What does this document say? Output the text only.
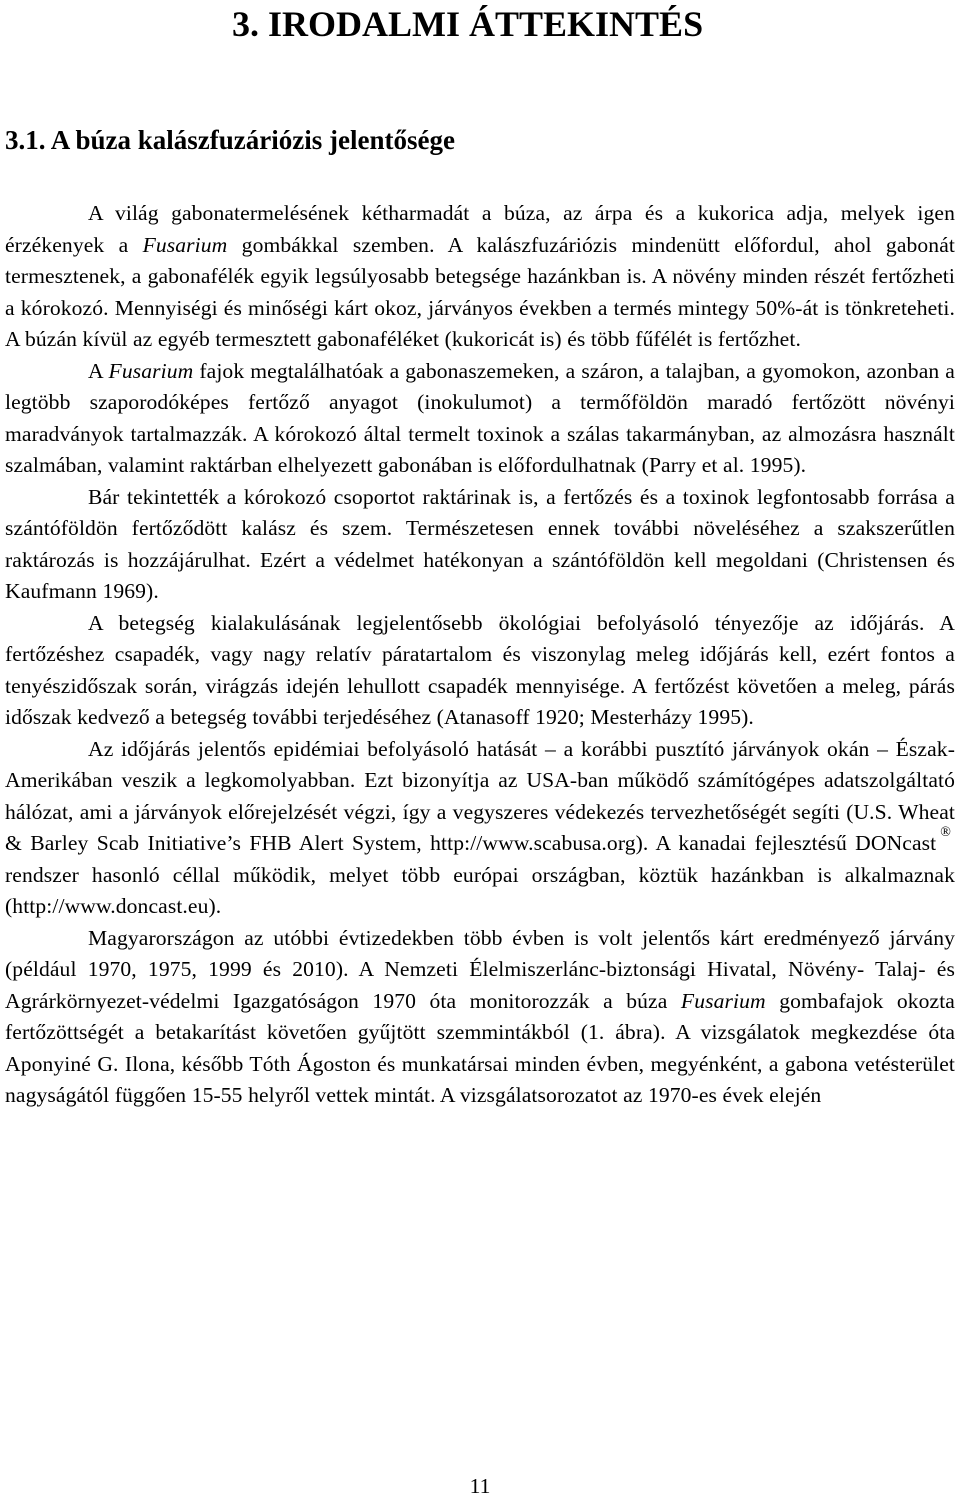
3. IRODALMI ÁTTEKINTÉS
3.1. A búza kalászfuzáriózis jelentősége

A világ gabonatermelésének kétharmadát a búza, az árpa és a kukorica adja, melyek igen érzékenyek a Fusarium gombákkal szemben. A kalászfuzáriózis mindenütt előfordul, ahol gabonát termesztenek, a gabonafélék egyik legsúlyosabb betegsége hazánkban is. A növény minden részét fertőzheti a kórokozó. Mennyiségi és minőségi kárt okoz, járványos években a termés mintegy 50%-át is tönkreteheti. A búzán kívül az egyéb termesztett gabonaféléket (kukoricát is) és több fűfélét is fertőzhet.

A Fusarium fajok megtalálhatóak a gabonaszemeken, a száron, a talajban, a gyomokon, azonban a legtöbb szaporodóképes fertőző anyagot (inokulumot) a termőföldön maradó fertőzött növényi maradványok tartalmazzák. A kórokozó által termelt toxinok a szálas takarmányban, az almozásra használt szalmában, valamint raktárban elhelyezett gabonában is előfordulhatnak (Parry et al. 1995).

Bár tekintették a kórokozó csoportot raktárinak is, a fertőzés és a toxinok legfontosabb forrása a szántóföldön fertőződött kalász és szem. Természetesen ennek további növeléséhez a szakszerűtlen raktározás is hozzájárulhat. Ezért a védelmet hatékonyan a szántóföldön kell megoldani (Christensen és Kaufmann 1969).

A betegség kialakulásának legjelentősebb ökológiai befolyásoló tényezője az időjárás. A fertőzéshez csapadék, vagy nagy relatív páratartalom és viszonylag meleg időjárás kell, ezért fontos a tenyészidőszak során, virágzás idején lehullott csapadék mennyisége. A fertőzést követően a meleg, párás időszak kedvező a betegség további terjedéséhez (Atanasoff 1920; Mesterházy 1995).

Az időjárás jelentős epidémiai befolyásoló hatását – a korábbi pusztító járványok okán – Észak-Amerikában veszik a legkomolyabban. Ezt bizonyítja az USA-ban működő számítógépes adatszolgáltató hálózat, ami a járványok előrejelzését végzi, így a vegyszeres védekezés tervezhetőségét segíti (U.S. Wheat & Barley Scab Initiative’s FHB Alert System, http://www.scabusa.org). A kanadai fejlesztésű DONcast ® rendszer hasonló céllal működik, melyet több európai országban, köztük hazánkban is alkalmaznak (http://www.doncast.eu).

Magyarországon az utóbbi évtizedekben több évben is volt jelentős kárt eredményező járvány (például 1970, 1975, 1999 és 2010). A Nemzeti Élelmiszerlánc-biztonsági Hivatal, Növény- Talaj- és Agrárkörnyezet-védelmi Igazgatóságon 1970 óta monitorozzák a búza Fusarium gombafajok okozta fertőzöttségét a betakarítást követően gyűjtött szemmintákból (1. ábra). A vizsgálatok megkezdése óta Aponyiné G. Ilona, később Tóth Ágoston és munkatársai minden évben, megyénként, a gabona vetésterület nagyságától függően 15-55 helyről vettek mintát. A vizsgálatsorozatot az 1970-es évek elején

11
